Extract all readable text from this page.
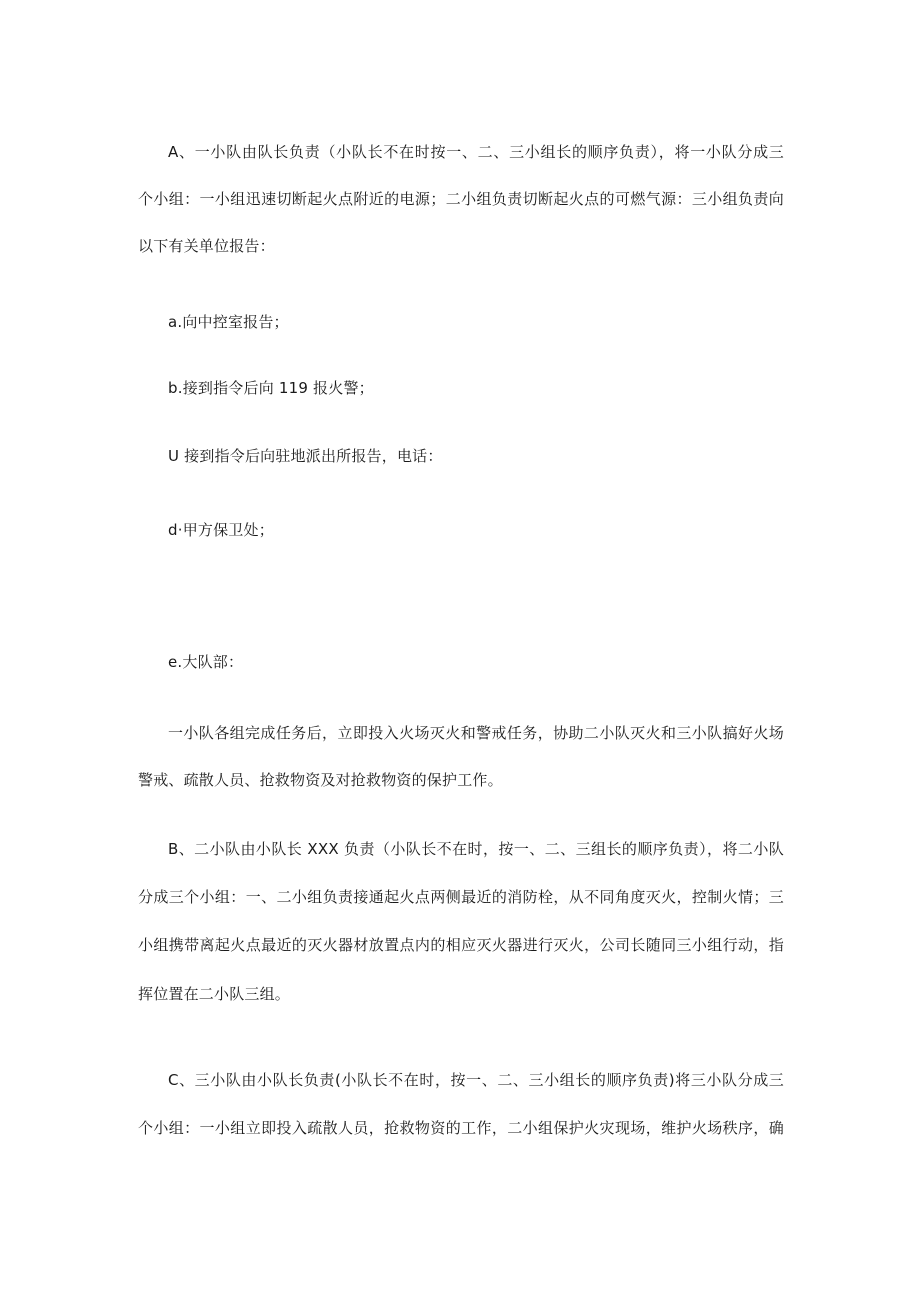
A、一小队由队长负责（小队长不在时按一、二、三小组长的顺序负责），将一小队分成三
个小组：一小组迅速切断起火点附近的电源；二小组负责切断起火点的可燃气源：三小组负责向
以下有关单位报告：
a.向中控室报告；
b.接到指令后向 119 报火警；
U 接到指令后向驻地派出所报告，电话：
d·甲方保卫处；
e.大队部：
一小队各组完成任务后，立即投入火场灭火和警戒任务，协助二小队灭火和三小队搞好火场
警戒、疏散人员、抢救物资及对抢救物资的保护工作。
B、二小队由小队长 XXX 负责（小队长不在时，按一、二、三组长的顺序负责），将二小队
分成三个小组：一、二小组负责接通起火点两侧最近的消防栓，从不同角度灭火，控制火情；三
小组携带离起火点最近的灭火器材放置点内的相应灭火器进行灭火，公司长随同三小组行动，指
挥位置在二小队三组。
C、三小队由小队长负责(小队长不在时，按一、二、三小组长的顺序负责)将三小队分成三
个小组：一小组立即投入疏散人员，抢救物资的工作，二小组保护火灾现场，维护火场秩序，确
